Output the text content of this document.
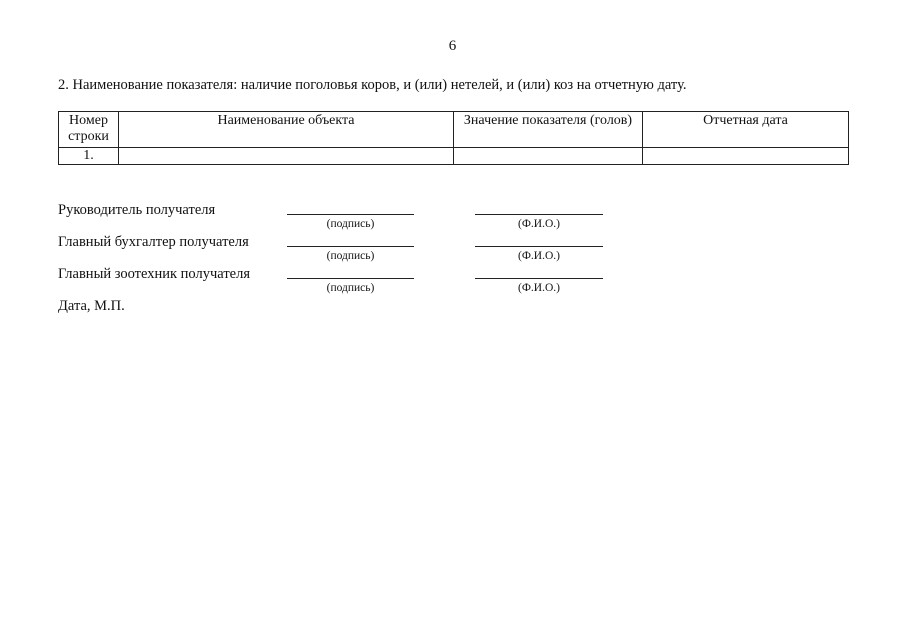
6
2. Наименование показателя: наличие поголовья коров, и (или) нетелей, и (или) коз на отчетную дату.
Номер строки	Наименование объекта	Значение показателя (голов)	Отчетная дата
1.			
Руководитель получателя
(подпись)	(Ф.И.О.)
Главный бухгалтер получателя
(подпись)	(Ф.И.О.)
Главный зоотехник получателя
(подпись)	(Ф.И.О.)
Дата, М.П.
